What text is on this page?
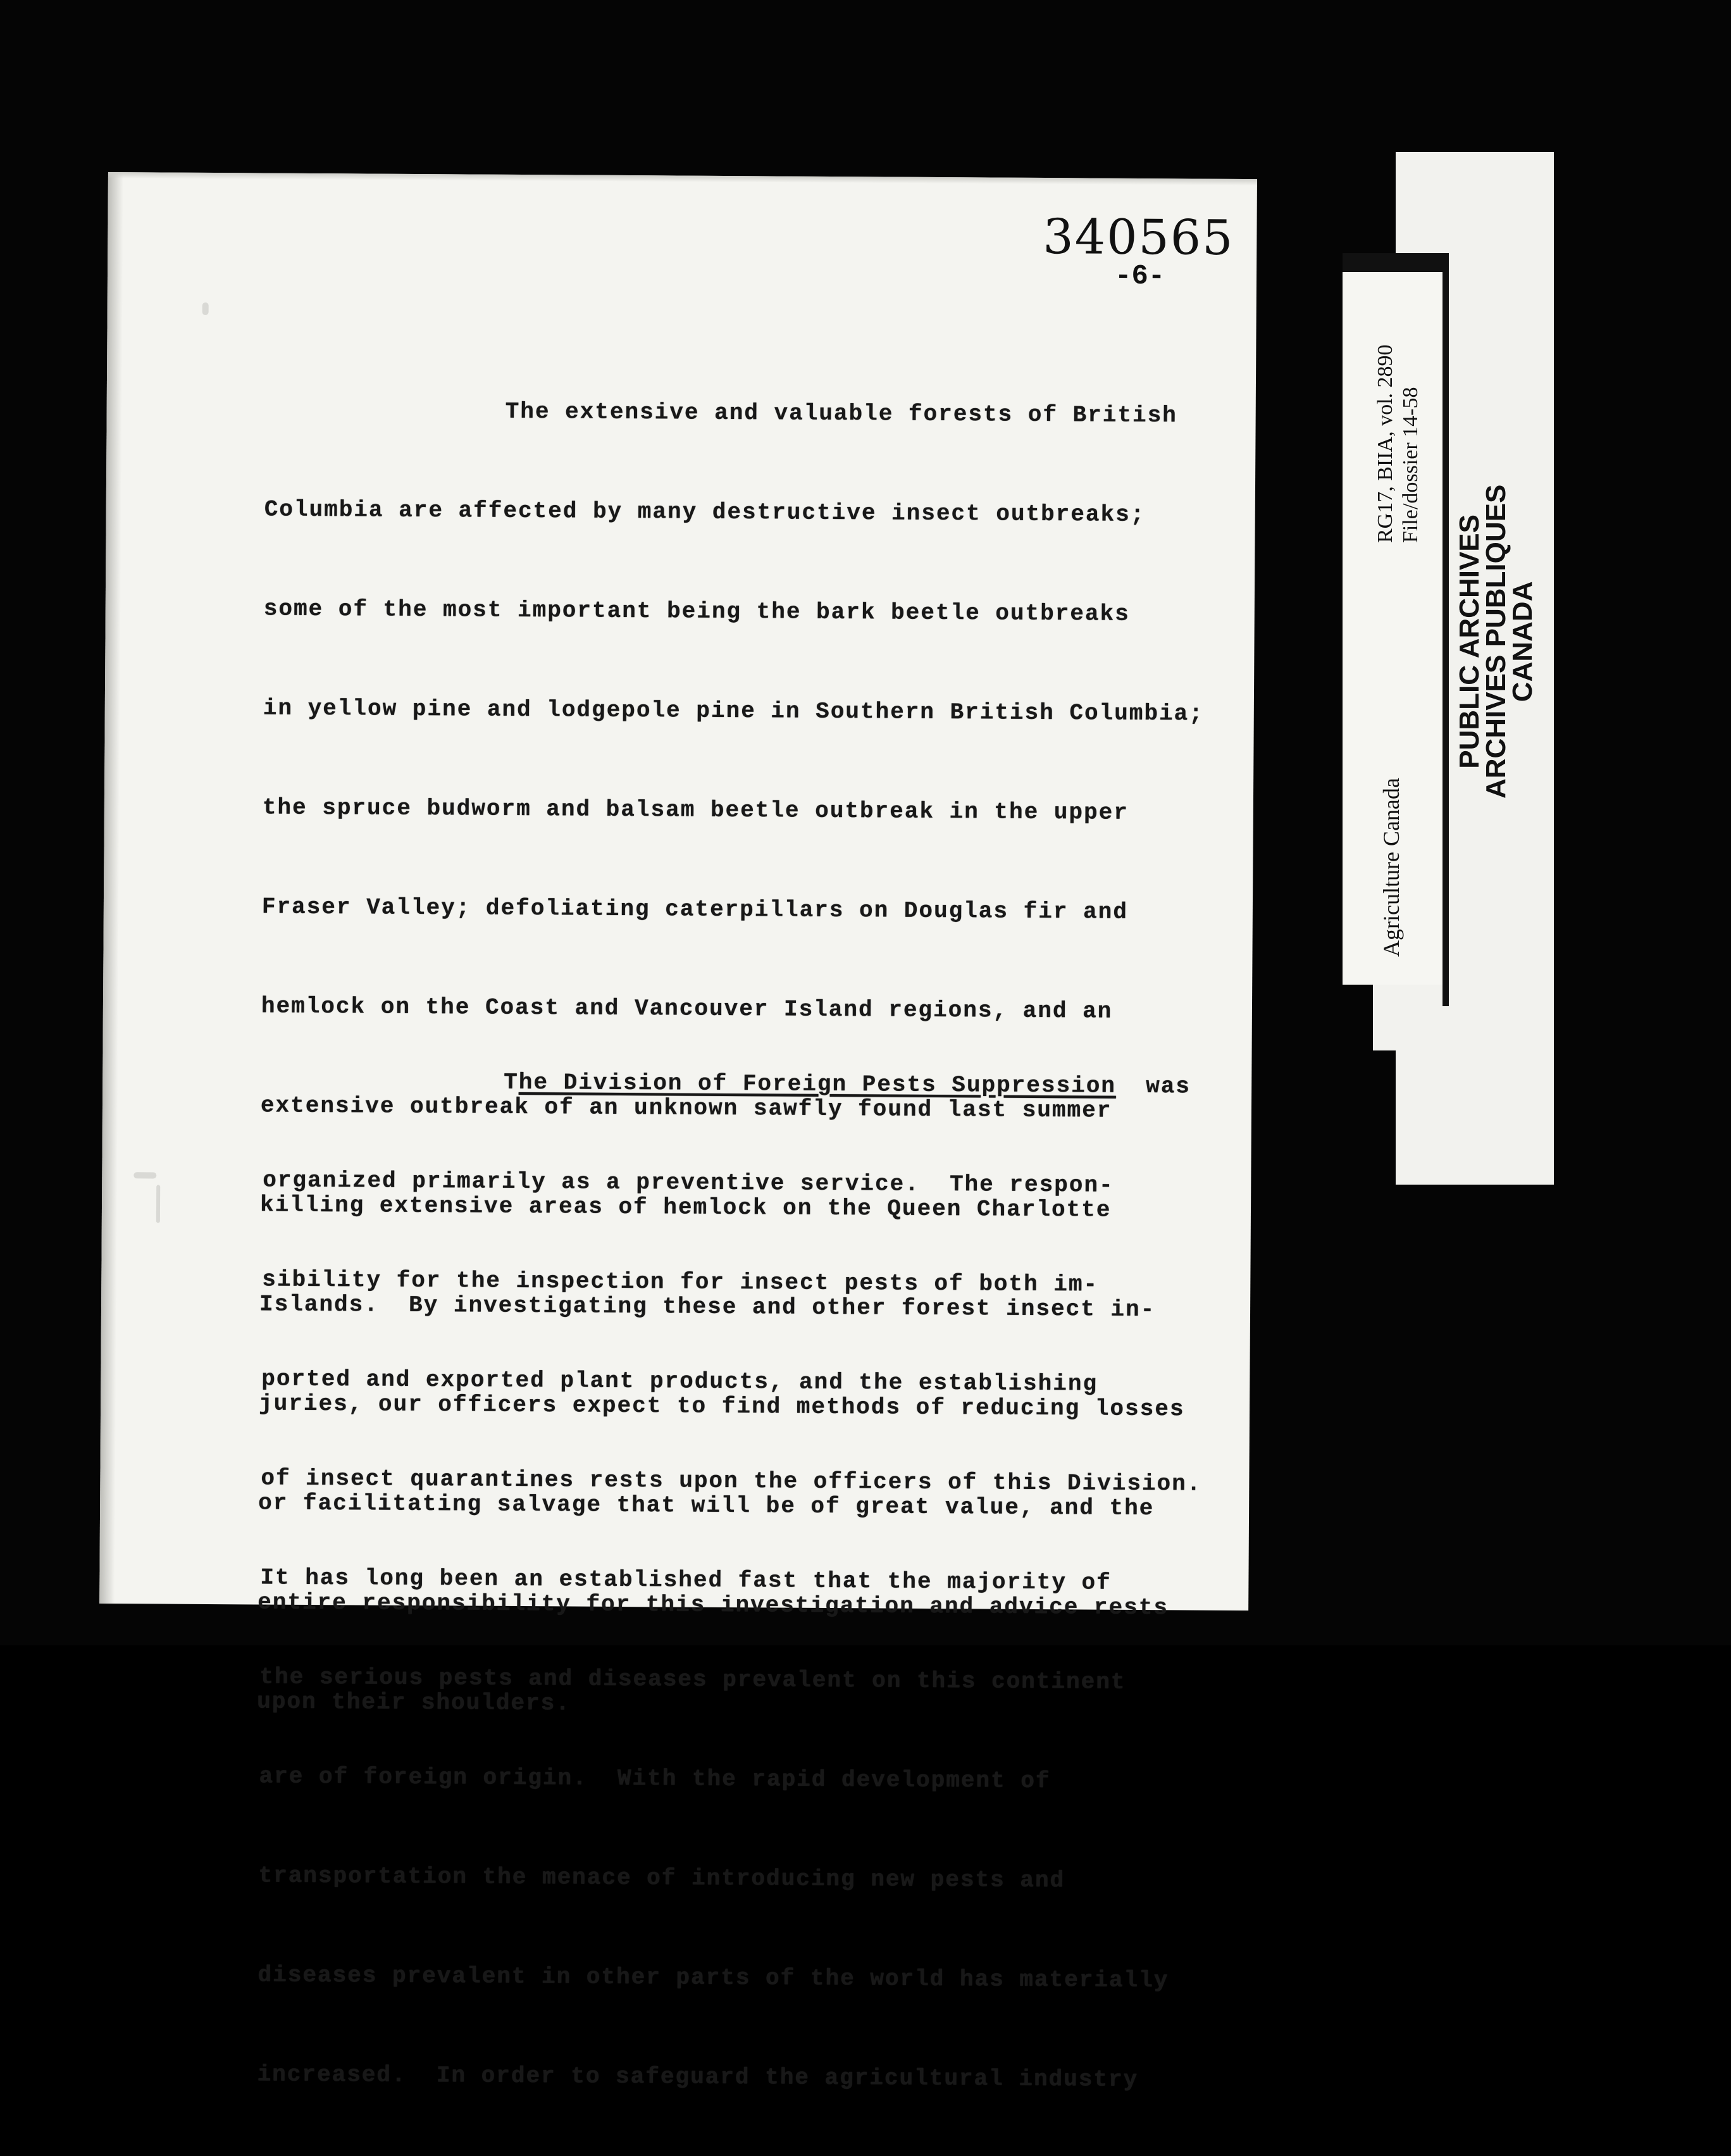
340565
-6-

The extensive and valuable forests of British

Columbia are affected by many destructive insect outbreaks;

some of the most important being the bark beetle outbreaks

in yellow pine and lodgepole pine in Southern British Columbia;

the spruce budworm and balsam beetle outbreak in the upper

Fraser Valley; defoliating caterpillars on Douglas fir and

hemlock on the Coast and Vancouver Island regions, and an

extensive outbreak of an unknown sawfly found last summer

killing extensive areas of hemlock on the Queen Charlotte

Islands.  By investigating these and other forest insect in-

juries, our officers expect to find methods of reducing losses

or facilitating salvage that will be of great value, and the

entire responsibility for this investigation and advice rests

upon their shoulders.

The Division of Foreign Pests Suppression  was

organized primarily as a preventive service.  The respon-

sibility for the inspection for insect pests of both im-

ported and exported plant products, and the establishing

of insect quarantines rests upon the officers of this Division.

It has long been an established fast that the majority of

the serious pests and diseases prevalent on this continent

are of foreign origin.  With the rapid development of

transportation the menace of introducing new pests and

diseases prevalent in other parts of the world has materially

increased.  In order to safeguard the agricultural industry

RG17, BIIA, vol. 2890 File/dossier 14-58
Agriculture Canada
PUBLIC ARCHIVES
ARCHIVES PUBLIQUES
CANADA
